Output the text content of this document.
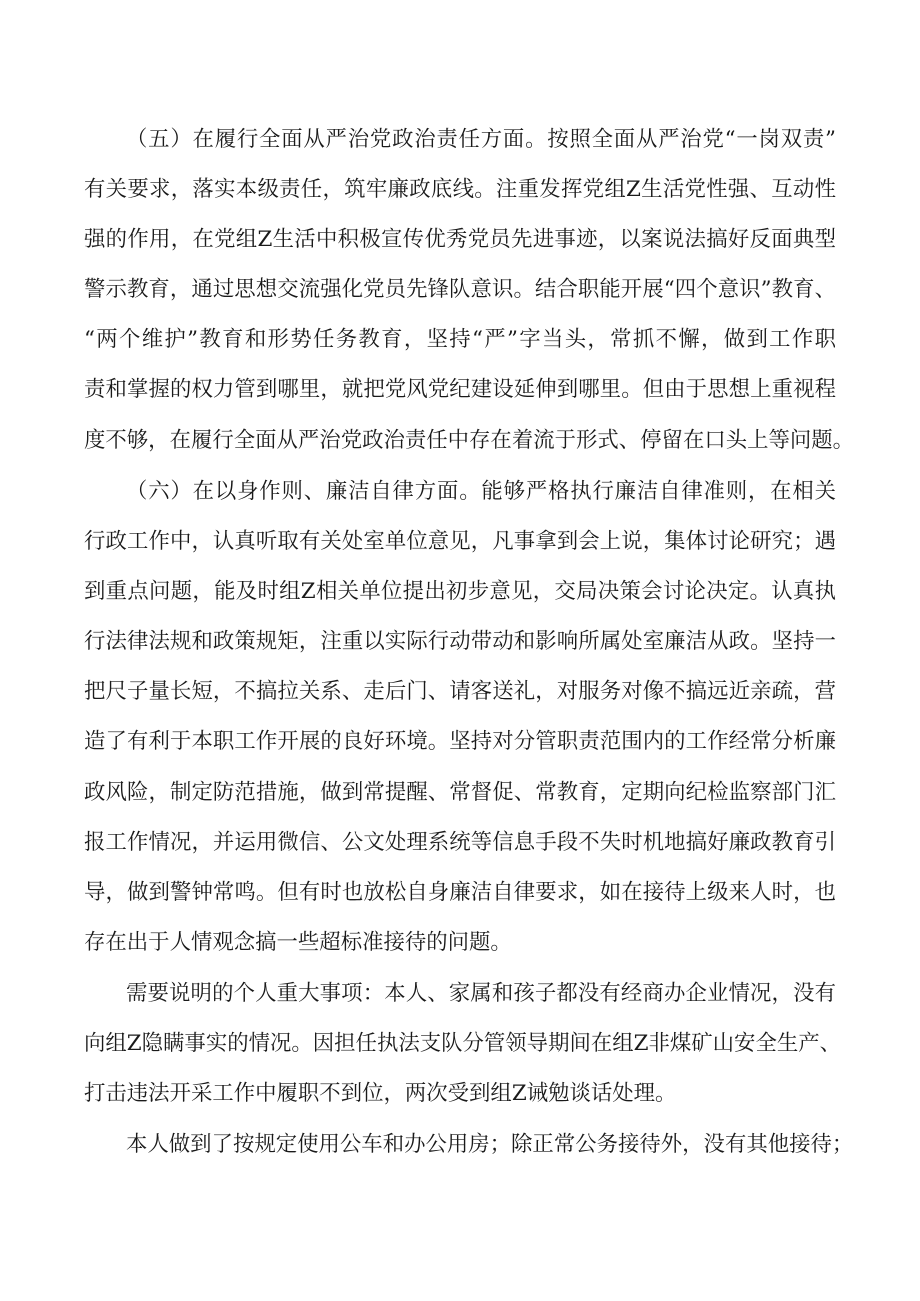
（五）在履行全面从严治党政治责任方面。按照全面从严治党“一岗双责”
有关要求，落实本级责任，筑牢廉政底线。注重发挥党组Z生活党性强、互动性
强的作用，在党组Z生活中积极宣传优秀党员先进事迹，以案说法搞好反面典型
警示教育，通过思想交流强化党员先锋队意识。结合职能开展“四个意识”教育、
“两个维护”教育和形势任务教育，坚持“严”字当头，常抓不懈，做到工作职
责和掌握的权力管到哪里，就把党风党纪建设延伸到哪里。但由于思想上重视程
度不够，在履行全面从严治党政治责任中存在着流于形式、停留在口头上等问题。
（六）在以身作则、廉洁自律方面。能够严格执行廉洁自律准则，在相关
行政工作中，认真听取有关处室单位意见，凡事拿到会上说，集体讨论研究；遇
到重点问题，能及时组Z相关单位提出初步意见，交局决策会讨论决定。认真执
行法律法规和政策规矩，注重以实际行动带动和影响所属处室廉洁从政。坚持一
把尺子量长短，不搞拉关系、走后门、请客送礼，对服务对像不搞远近亲疏，营
造了有利于本职工作开展的良好环境。坚持对分管职责范围内的工作经常分析廉
政风险，制定防范措施，做到常提醒、常督促、常教育，定期向纪检监察部门汇
报工作情况，并运用微信、公文处理系统等信息手段不失时机地搞好廉政教育引
导，做到警钟常鸣。但有时也放松自身廉洁自律要求，如在接待上级来人时，也
存在出于人情观念搞一些超标准接待的问题。
需要说明的个人重大事项：本人、家属和孩子都没有经商办企业情况，没有
向组Z隐瞒事实的情况。因担任执法支队分管领导期间在组Z非煤矿山安全生产、
打击违法开采工作中履职不到位，两次受到组Z诫勉谈话处理。
本人做到了按规定使用公车和办公用房；除正常公务接待外，没有其他接待；
